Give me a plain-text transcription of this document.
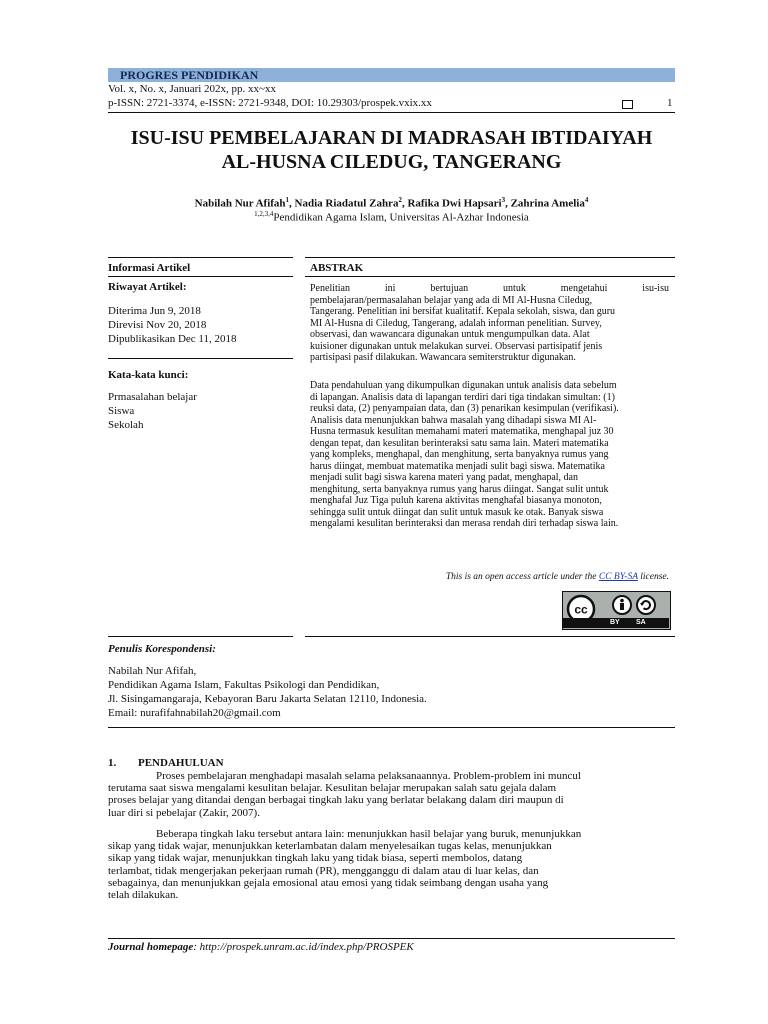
PROGRES PENDIDIKAN
Vol. x, No. x, Januari 202x, pp. xx~xx
p-ISSN: 2721-3374, e-ISSN: 2721-9348, DOI: 10.29303/prospek.vxix.xx	1
ISU-ISU PEMBELAJARAN DI MADRASAH IBTIDAIYAH
AL-HUSNA CILEDUG, TANGERANG
Nabilah Nur Afifah$^1$, Nadia Riadatul Zahra$^2$, Rafika Dwi Hapsari$^3$, Zahrina Amelia$^4$
$^{1,2,3,4}$Pendidikan Agama Islam, Universitas Al-Azhar Indonesia
Informasi Artikel
Riwayat Artikel:
Diterima Jun 9, 2018
Direvisi Nov 20, 2018
Dipublikasikan Dec 11, 2018
Kata-kata kunci:
Prmasalahan belajar
Siswa
Sekolah
ABSTRAK
Penelitian	ini	bertujuan	untuk	mengetahui	isu-isu
pembelajaran/permasalahan belajar yang ada di MI Al-Husna Ciledug,
Tangerang. Penelitian ini bersifat kualitatif. Kepala sekolah, siswa, dan guru
MI Al-Husna di Ciledug, Tangerang, adalah informan penelitian. Survey,
observasi, dan wawancara digunakan untuk mengumpulkan data. Alat
kuisioner digunakan untuk melakukan survei. Observasi partisipatif jenis
partisipasi pasif dilakukan. Wawancara semiterstruktur digunakan.
Data pendahuluan yang dikumpulkan digunakan untuk analisis data sebelum
di lapangan. Analisis data di lapangan terdiri dari tiga tindakan simultan: (1)
reuksi data, (2) penyampaian data, dan (3) penarikan kesimpulan (verifikasi).
Analisis data menunjukkan bahwa masalah yang dihadapi siswa MI Al-
Husna termasuk kesulitan memahami materi matematika, menghapal juz 30
dengan tepat, dan kesulitan berinteraksi satu sama lain. Materi matematika
yang kompleks, menghapal, dan menghitung, serta banyaknya rumus yang
harus diingat, membuat matematika menjadi sulit bagi siswa. Matematika
menjadi sulit bagi siswa karena materi yang padat, menghapal, dan
menghitung, serta banyaknya rumus yang harus diingat. Sangat sulit untuk
menghafal Juz Tiga puluh karena aktivitas menghafal biasanya monoton,
sehingga sulit untuk diingat dan sulit untuk masuk ke otak. Banyak siswa
mengalami kesulitan berinteraksi dan merasa rendah diri terhadap siswa lain.
This is an open access article under the CC BY-SA license.
cc
BY SA
Penulis Korespondensi:
Nabilah Nur Afifah,
Pendidikan Agama Islam, Fakultas Psikologi dan Pendidikan,
Jl. Sisingamangaraja, Kebayoran Baru Jakarta Selatan 12110, Indonesia.
Email: nurafifahnabilah20@gmail.com
1. PENDAHULUAN
Proses pembelajaran menghadapi masalah selama pelaksanaannya. Problem-problem ini muncul
terutama saat siswa mengalami kesulitan belajar. Kesulitan belajar merupakan salah satu gejala dalam
proses belajar yang ditandai dengan berbagai tingkah laku yang berlatar belakang dalam diri maupun di
luar diri si pebelajar (Zakir, 2007).
Beberapa tingkah laku tersebut antara lain: menunjukkan hasil belajar yang buruk, menunjukkan
sikap yang tidak wajar, menunjukkan keterlambatan dalam menyelesaikan tugas kelas, menunjukkan
sikap yang tidak wajar, menunjukkan tingkah laku yang tidak biasa, seperti membolos, datang
terlambat, tidak mengerjakan pekerjaan rumah (PR), mengganggu di dalam atau di luar kelas, dan
sebagainya, dan menunjukkan gejala emosional atau emosi yang tidak seimbang dengan usaha yang
telah dilakukan.
Journal homepage: http://prospek.unram.ac.id/index.php/PROSPEK
